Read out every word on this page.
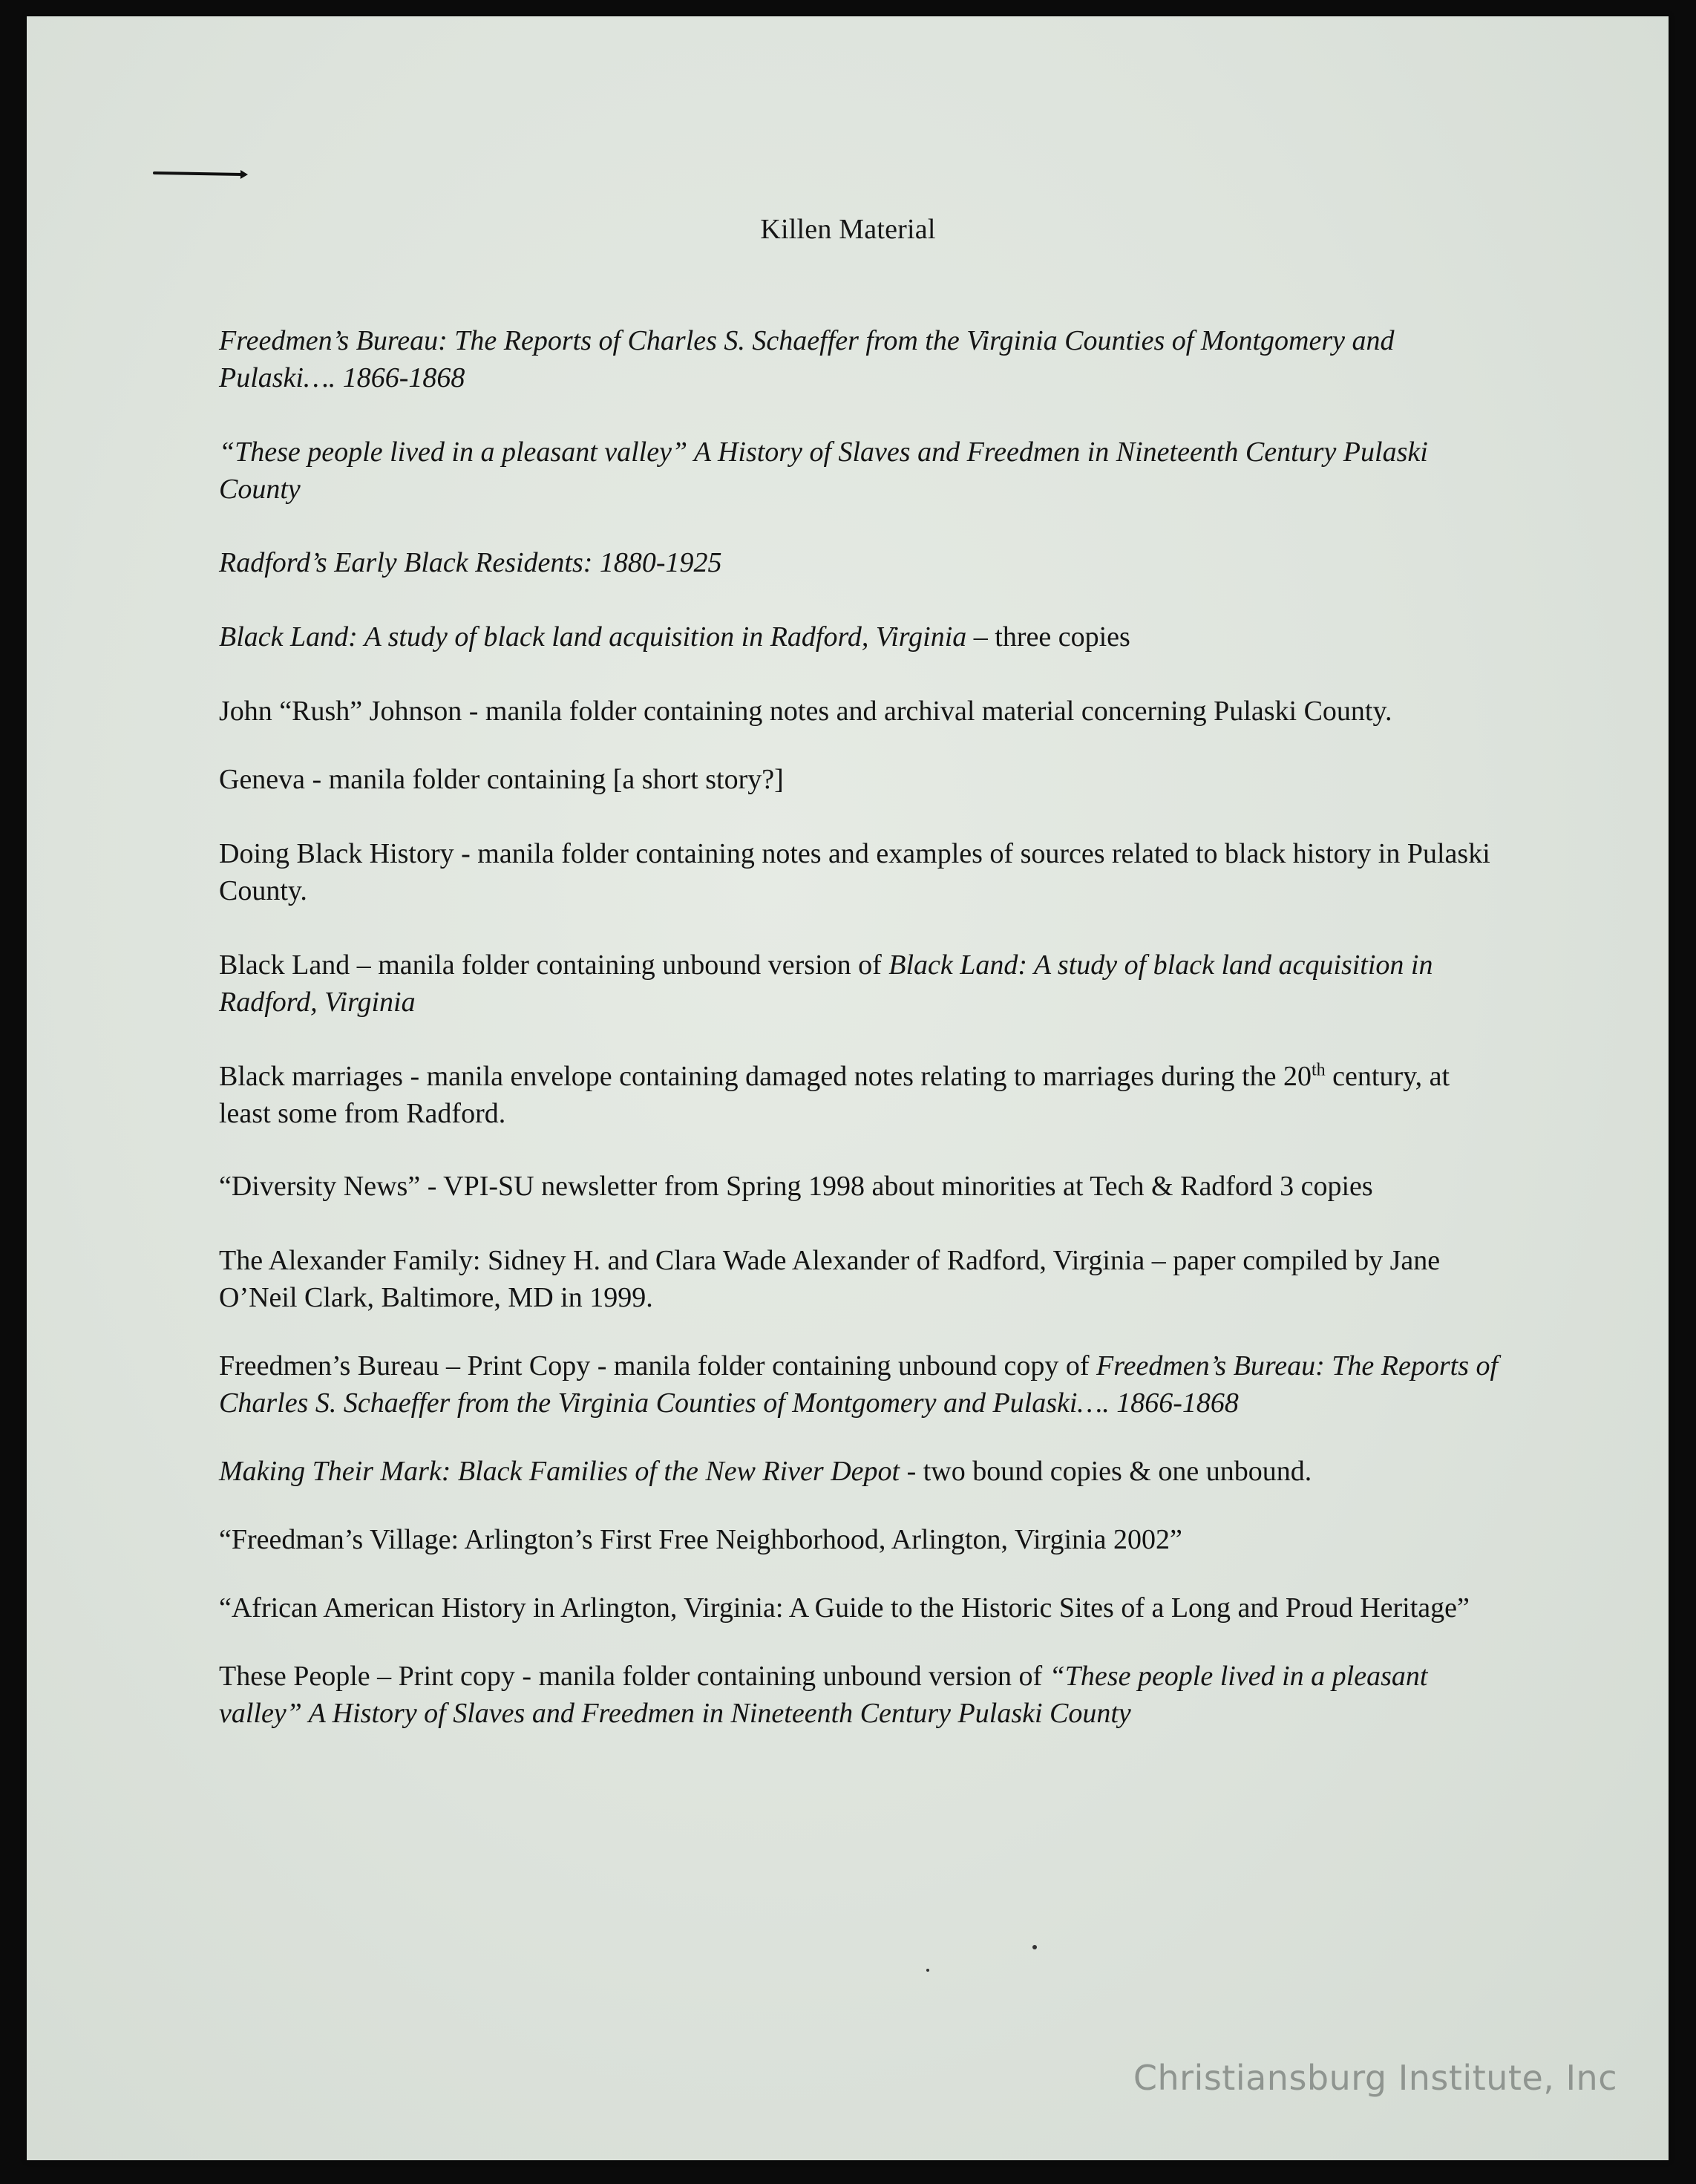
Killen Material

Freedmen’s Bureau: The Reports of Charles S. Schaeffer from the Virginia Counties of Montgomery and Pulaski…. 1866-1868

“These people lived in a pleasant valley” A History of Slaves and Freedmen in Nineteenth Century Pulaski County

Radford’s Early Black Residents: 1880-1925

Black Land: A study of black land acquisition in Radford, Virginia – three copies

John “Rush” Johnson - manila folder containing notes and archival material concerning Pulaski County.

Geneva - manila folder containing [a short story?]

Doing Black History - manila folder containing notes and examples of sources related to black history in Pulaski County.

Black Land – manila folder containing unbound version of Black Land: A study of black land acquisition in Radford, Virginia

Black marriages - manila envelope containing damaged notes relating to marriages during the 20th century, at least some from Radford.

“Diversity News” - VPI-SU newsletter from Spring 1998 about minorities at Tech & Radford 3 copies

The Alexander Family: Sidney H. and Clara Wade Alexander of Radford, Virginia – paper compiled by Jane O’Neil Clark, Baltimore, MD in 1999.

Freedmen’s Bureau – Print Copy - manila folder containing unbound copy of Freedmen’s Bureau: The Reports of Charles S. Schaeffer from the Virginia Counties of Montgomery and Pulaski…. 1866-1868

Making Their Mark: Black Families of the New River Depot - two bound copies & one unbound.

“Freedman’s Village: Arlington’s First Free Neighborhood, Arlington, Virginia 2002”

“African American History in Arlington, Virginia: A Guide to the Historic Sites of a Long and Proud Heritage”

These People – Print copy - manila folder containing unbound version of “These people lived in a pleasant valley” A History of Slaves and Freedmen in Nineteenth Century Pulaski County

Christiansburg Institute, Inc
